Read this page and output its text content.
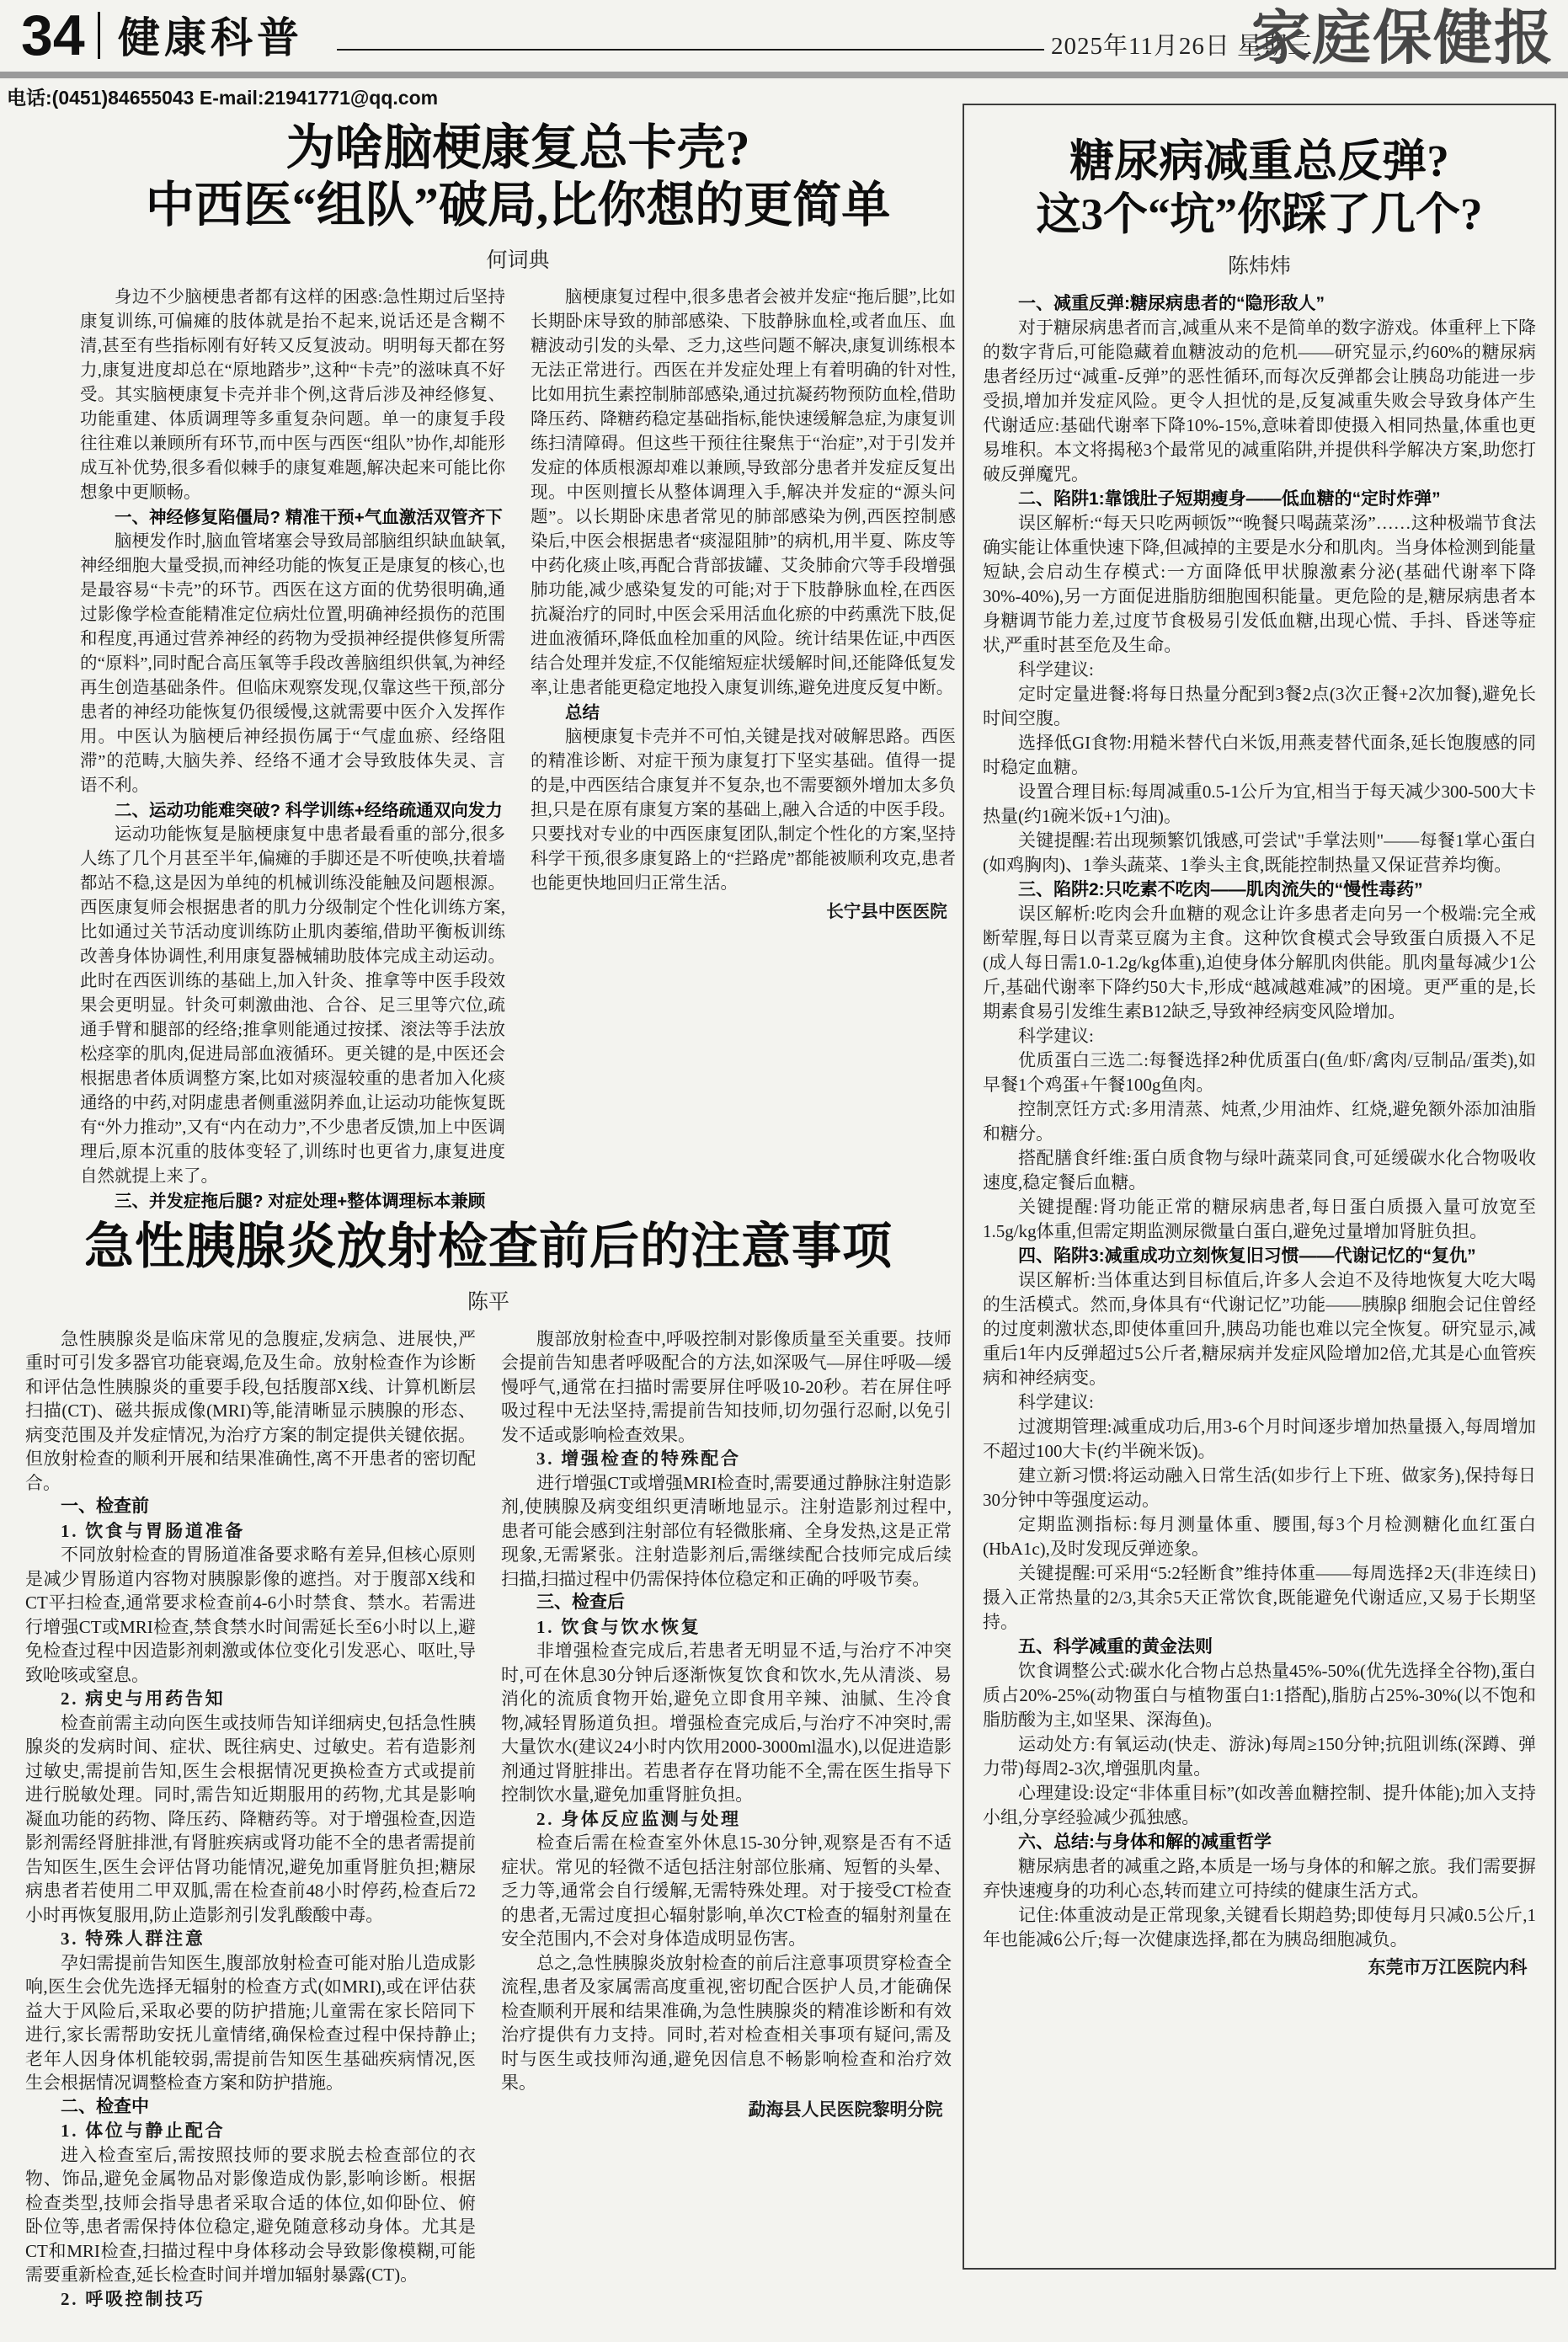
34 健康科普	2025年11月26日 星期三
家庭保健报
电话:(0451)84655043 E-mail:21941771@qq.com
为啥脑梗康复总卡壳?
中西医“组队”破局,比你想的更简单
何词典

身边不少脑梗患者都有这样的困惑:急性期过后坚持康复训练,可偏瘫的肢体就是抬不起来,说话还是含糊不清,甚至有些指标刚有好转又反复波动。明明每天都在努力,康复进度却总在“原地踏步”,这种“卡壳”的滋味真不好受。其实脑梗康复卡壳并非个例,这背后涉及神经修复、功能重建、体质调理等多重复杂问题。单一的康复手段往往难以兼顾所有环节,而中医与西医“组队”协作,却能形成互补优势,很多看似棘手的康复难题,解决起来可能比你想象中更顺畅。

一、神经修复陷僵局? 精准干预+气血激活双管齐下

脑梗发作时,脑血管堵塞会导致局部脑组织缺血缺氧,神经细胞大量受损,而神经功能的恢复正是康复的核心,也是最容易“卡壳”的环节。西医在这方面的优势很明确,通过影像学检查能精准定位病灶位置,明确神经损伤的范围和程度,再通过营养神经的药物为受损神经提供修复所需的“原料”,同时配合高压氧等手段改善脑组织供氧,为神经再生创造基础条件。但临床观察发现,仅靠这些干预,部分患者的神经功能恢复仍很缓慢,这就需要中医介入发挥作用。中医认为脑梗后神经损伤属于“气虚血瘀、经络阻滞”的范畴,大脑失养、经络不通才会导致肢体失灵、言语不利。

二、运动功能难突破? 科学训练+经络疏通双向发力

运动功能恢复是脑梗康复中患者最看重的部分,很多人练了几个月甚至半年,偏瘫的手脚还是不听使唤,扶着墙都站不稳,这是因为单纯的机械训练没能触及问题根源。西医康复师会根据患者的肌力分级制定个性化训练方案,比如通过关节活动度训练防止肌肉萎缩,借助平衡板训练改善身体协调性,利用康复器械辅助肢体完成主动运动。此时在西医训练的基础上,加入针灸、推拿等中医手段效果会更明显。针灸可刺激曲池、合谷、足三里等穴位,疏通手臂和腿部的经络;推拿则能通过按揉、滚法等手法放松痉挛的肌肉,促进局部血液循环。更关键的是,中医还会根据患者体质调整方案,比如对痰湿较重的患者加入化痰通络的中药,对阴虚患者侧重滋阴养血,让运动功能恢复既有“外力推动”,又有“内在动力”,不少患者反馈,加上中医调理后,原本沉重的肢体变轻了,训练时也更省力,康复进度自然就提上来了。

三、并发症拖后腿? 对症处理+整体调理标本兼顾

脑梗康复过程中,很多患者会被并发症“拖后腿”,比如长期卧床导致的肺部感染、下肢静脉血栓,或者血压、血糖波动引发的头晕、乏力,这些问题不解决,康复训练根本无法正常进行。西医在并发症处理上有着明确的针对性,比如用抗生素控制肺部感染,通过抗凝药物预防血栓,借助降压药、降糖药稳定基础指标,能快速缓解急症,为康复训练扫清障碍。但这些干预往往聚焦于“治症”,对于引发并发症的体质根源却难以兼顾,导致部分患者并发症反复出现。中医则擅长从整体调理入手,解决并发症的“源头问题”。以长期卧床患者常见的肺部感染为例,西医控制感染后,中医会根据患者“痰湿阻肺”的病机,用半夏、陈皮等中药化痰止咳,再配合背部拔罐、艾灸肺俞穴等手段增强肺功能,减少感染复发的可能;对于下肢静脉血栓,在西医抗凝治疗的同时,中医会采用活血化瘀的中药熏洗下肢,促进血液循环,降低血栓加重的风险。统计结果佐证,中西医结合处理并发症,不仅能缩短症状缓解时间,还能降低复发率,让患者能更稳定地投入康复训练,避免进度反复中断。

总结

脑梗康复卡壳并不可怕,关键是找对破解思路。西医的精准诊断、对症干预为康复打下坚实基础。值得一提的是,中西医结合康复并不复杂,也不需要额外增加太多负担,只是在原有康复方案的基础上,融入合适的中医手段。只要找对专业的中西医康复团队,制定个性化的方案,坚持科学干预,很多康复路上的“拦路虎”都能被顺利攻克,患者也能更快地回归正常生活。

长宁县中医医院

急性胰腺炎放射检查前后的注意事项
陈平

急性胰腺炎是临床常见的急腹症,发病急、进展快,严重时可引发多器官功能衰竭,危及生命。放射检查作为诊断和评估急性胰腺炎的重要手段,包括腹部X线、计算机断层扫描(CT)、磁共振成像(MRI)等,能清晰显示胰腺的形态、病变范围及并发症情况,为治疗方案的制定提供关键依据。但放射检查的顺利开展和结果准确性,离不开患者的密切配合。

一、检查前

1. 饮食与胃肠道准备

不同放射检查的胃肠道准备要求略有差异,但核心原则是减少胃肠道内容物对胰腺影像的遮挡。对于腹部X线和CT平扫检查,通常要求检查前4-6小时禁食、禁水。若需进行增强CT或MRI检查,禁食禁水时间需延长至6小时以上,避免检查过程中因造影剂刺激或体位变化引发恶心、呕吐,导致呛咳或窒息。

2. 病史与用药告知

检查前需主动向医生或技师告知详细病史,包括急性胰腺炎的发病时间、症状、既往病史、过敏史。若有造影剂过敏史,需提前告知,医生会根据情况更换检查方式或提前进行脱敏处理。同时,需告知近期服用的药物,尤其是影响凝血功能的药物、降压药、降糖药等。对于增强检查,因造影剂需经肾脏排泄,有肾脏疾病或肾功能不全的患者需提前告知医生,医生会评估肾功能情况,避免加重肾脏负担;糖尿病患者若使用二甲双胍,需在检查前48小时停药,检查后72小时再恢复服用,防止造影剂引发乳酸酸中毒。

3. 特殊人群注意

孕妇需提前告知医生,腹部放射检查可能对胎儿造成影响,医生会优先选择无辐射的检查方式(如MRI),或在评估获益大于风险后,采取必要的防护措施;儿童需在家长陪同下进行,家长需帮助安抚儿童情绪,确保检查过程中保持静止;老年人因身体机能较弱,需提前告知医生基础疾病情况,医生会根据情况调整检查方案和防护措施。

二、检查中

1. 体位与静止配合

进入检查室后,需按照技师的要求脱去检查部位的衣物、饰品,避免金属物品对影像造成伪影,影响诊断。根据检查类型,技师会指导患者采取合适的体位,如仰卧位、俯卧位等,患者需保持体位稳定,避免随意移动身体。尤其是CT和MRI检查,扫描过程中身体移动会导致影像模糊,可能需要重新检查,延长检查时间并增加辐射暴露(CT)。

2. 呼吸控制技巧

腹部放射检查中,呼吸控制对影像质量至关重要。技师会提前告知患者呼吸配合的方法,如深吸气—屏住呼吸—缓慢呼气,通常在扫描时需要屏住呼吸10-20秒。若在屏住呼吸过程中无法坚持,需提前告知技师,切勿强行忍耐,以免引发不适或影响检查效果。

3. 增强检查的特殊配合

进行增强CT或增强MRI检查时,需要通过静脉注射造影剂,使胰腺及病变组织更清晰地显示。注射造影剂过程中,患者可能会感到注射部位有轻微胀痛、全身发热,这是正常现象,无需紧张。注射造影剂后,需继续配合技师完成后续扫描,扫描过程中仍需保持体位稳定和正确的呼吸节奏。

三、检查后

1. 饮食与饮水恢复

非增强检查完成后,若患者无明显不适,与治疗不冲突时,可在休息30分钟后逐渐恢复饮食和饮水,先从清淡、易消化的流质食物开始,避免立即食用辛辣、油腻、生冷食物,减轻胃肠道负担。增强检查完成后,与治疗不冲突时,需大量饮水(建议24小时内饮用2000-3000ml温水),以促进造影剂通过肾脏排出。若患者存在肾功能不全,需在医生指导下控制饮水量,避免加重肾脏负担。

2. 身体反应监测与处理

检查后需在检查室外休息15-30分钟,观察是否有不适症状。常见的轻微不适包括注射部位胀痛、短暂的头晕、乏力等,通常会自行缓解,无需特殊处理。对于接受CT检查的患者,无需过度担心辐射影响,单次CT检查的辐射剂量在安全范围内,不会对身体造成明显伤害。

总之,急性胰腺炎放射检查的前后注意事项贯穿检查全流程,患者及家属需高度重视,密切配合医护人员,才能确保检查顺利开展和结果准确,为急性胰腺炎的精准诊断和有效治疗提供有力支持。同时,若对检查相关事项有疑问,需及时与医生或技师沟通,避免因信息不畅影响检查和治疗效果。

勐海县人民医院黎明分院

糖尿病减重总反弹?
这3个“坑”你踩了几个?
陈炜炜

一、减重反弹:糖尿病患者的“隐形敌人”

对于糖尿病患者而言,减重从来不是简单的数字游戏。体重秤上下降的数字背后,可能隐藏着血糖波动的危机——研究显示,约60%的糖尿病患者经历过“减重-反弹”的恶性循环,而每次反弹都会让胰岛功能进一步受损,增加并发症风险。更令人担忧的是,反复减重失败会导致身体产生代谢适应:基础代谢率下降10%-15%,意味着即使摄入相同热量,体重也更易堆积。本文将揭秘3个最常见的减重陷阱,并提供科学解决方案,助您打破反弹魔咒。

二、陷阱1:靠饿肚子短期瘦身——低血糖的“定时炸弹”

误区解析:“每天只吃两顿饭”“晚餐只喝蔬菜汤”……这种极端节食法确实能让体重快速下降,但减掉的主要是水分和肌肉。当身体检测到能量短缺,会启动生存模式:一方面降低甲状腺激素分泌(基础代谢率下降30%-40%),另一方面促进脂肪细胞囤积能量。更危险的是,糖尿病患者本身糖调节能力差,过度节食极易引发低血糖,出现心慌、手抖、昏迷等症状,严重时甚至危及生命。

科学建议:

定时定量进餐:将每日热量分配到3餐2点(3次正餐+2次加餐),避免长时间空腹。

选择低GI食物:用糙米替代白米饭,用燕麦替代面条,延长饱腹感的同时稳定血糖。

设置合理目标:每周减重0.5-1公斤为宜,相当于每天减少300-500大卡热量(约1碗米饭+1勺油)。

关键提醒:若出现频繁饥饿感,可尝试"手掌法则"——每餐1掌心蛋白(如鸡胸肉)、1拳头蔬菜、1拳头主食,既能控制热量又保证营养均衡。

三、陷阱2:只吃素不吃肉——肌肉流失的“慢性毒药”

误区解析:吃肉会升血糖的观念让许多患者走向另一个极端:完全戒断荤腥,每日以青菜豆腐为主食。这种饮食模式会导致蛋白质摄入不足(成人每日需1.0-1.2g/kg体重),迫使身体分解肌肉供能。肌肉量每减少1公斤,基础代谢率下降约50大卡,形成“越减越难减”的困境。更严重的是,长期素食易引发维生素B12缺乏,导致神经病变风险增加。

科学建议:

优质蛋白三选二:每餐选择2种优质蛋白(鱼/虾/禽肉/豆制品/蛋类),如早餐1个鸡蛋+午餐100g鱼肉。

控制烹饪方式:多用清蒸、炖煮,少用油炸、红烧,避免额外添加油脂和糖分。

搭配膳食纤维:蛋白质食物与绿叶蔬菜同食,可延缓碳水化合物吸收速度,稳定餐后血糖。

关键提醒:肾功能正常的糖尿病患者,每日蛋白质摄入量可放宽至1.5g/kg体重,但需定期监测尿微量白蛋白,避免过量增加肾脏负担。

四、陷阱3:减重成功立刻恢复旧习惯——代谢记忆的“复仇”

误区解析:当体重达到目标值后,许多人会迫不及待地恢复大吃大喝的生活模式。然而,身体具有“代谢记忆”功能——胰腺β 细胞会记住曾经的过度刺激状态,即使体重回升,胰岛功能也难以完全恢复。研究显示,减重后1年内反弹超过5公斤者,糖尿病并发症风险增加2倍,尤其是心血管疾病和神经病变。

科学建议:

过渡期管理:减重成功后,用3-6个月时间逐步增加热量摄入,每周增加不超过100大卡(约半碗米饭)。

建立新习惯:将运动融入日常生活(如步行上下班、做家务),保持每日30分钟中等强度运动。

定期监测指标:每月测量体重、腰围,每3个月检测糖化血红蛋白(HbA1c),及时发现反弹迹象。

关键提醒:可采用“5:2轻断食”维持体重——每周选择2天(非连续日)摄入正常热量的2/3,其余5天正常饮食,既能避免代谢适应,又易于长期坚持。

五、科学减重的黄金法则

饮食调整公式:碳水化合物占总热量45%-50%(优先选择全谷物),蛋白质占20%-25%(动物蛋白与植物蛋白1:1搭配),脂肪占25%-30%(以不饱和脂肪酸为主,如坚果、深海鱼)。

运动处方:有氧运动(快走、游泳)每周≥150分钟;抗阻训练(深蹲、弹力带)每周2-3次,增强肌肉量。

心理建设:设定“非体重目标”(如改善血糖控制、提升体能);加入支持小组,分享经验减少孤独感。

六、总结:与身体和解的减重哲学

糖尿病患者的减重之路,本质是一场与身体的和解之旅。我们需要摒弃快速瘦身的功利心态,转而建立可持续的健康生活方式。

记住:体重波动是正常现象,关键看长期趋势;即使每月只减0.5公斤,1年也能减6公斤;每一次健康选择,都在为胰岛细胞减负。

东莞市万江医院内科
